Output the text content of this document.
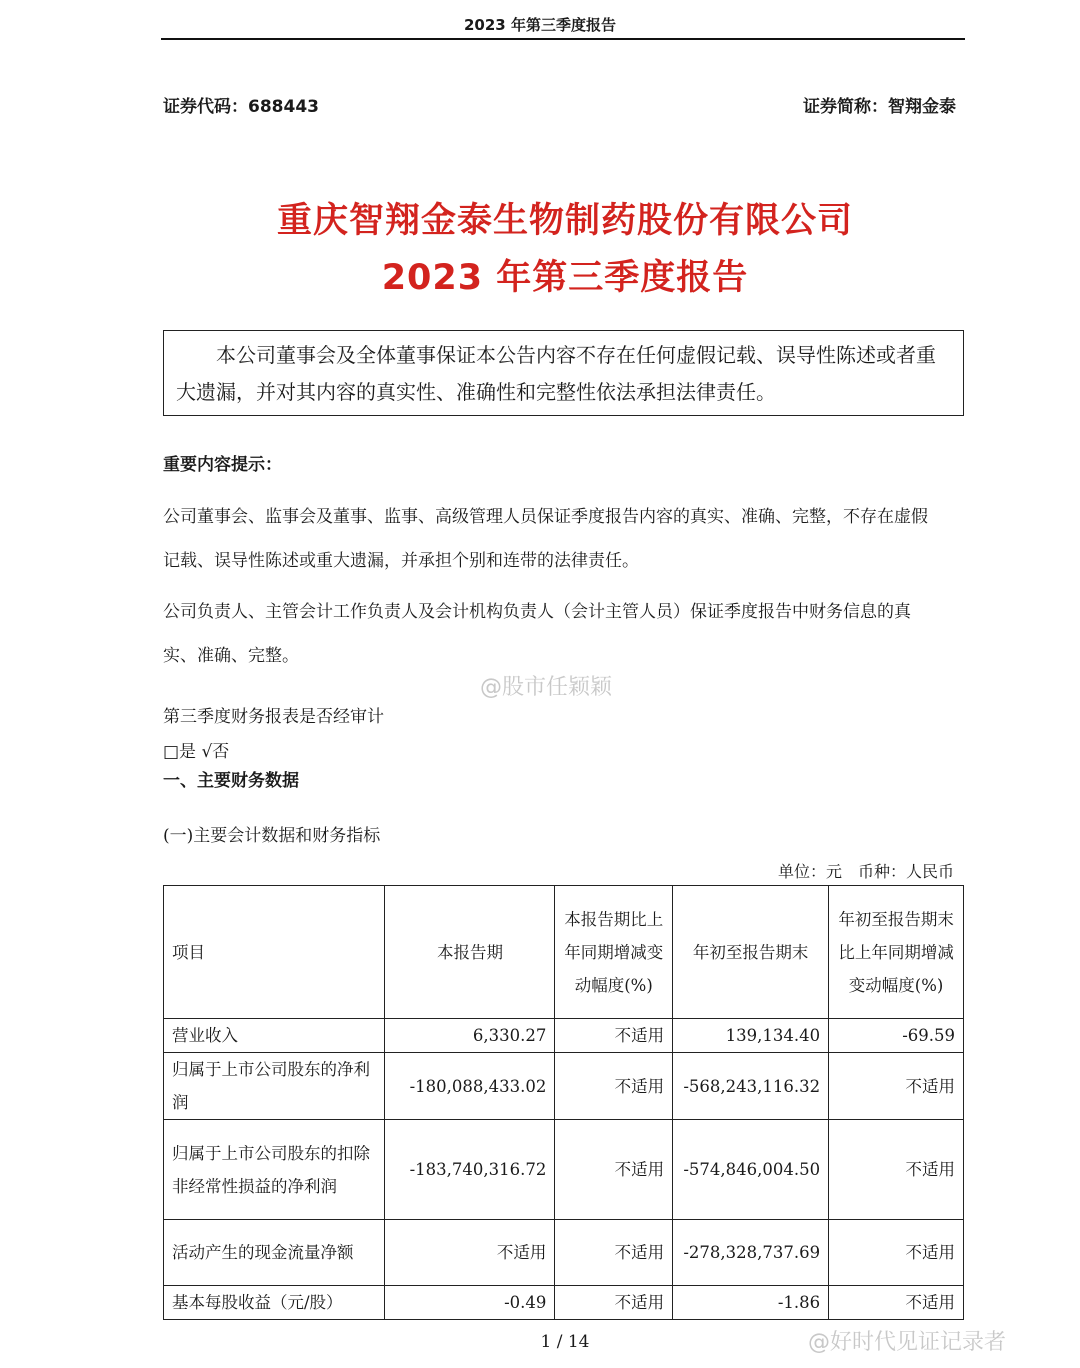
2023 年第三季度报告
证券代码：688443	证券简称：智翔金泰
重庆智翔金泰生物制药股份有限公司
2023 年第三季度报告

本公司董事会及全体董事保证本公告内容不存在任何虚假记载、误导性陈述或者重大遗漏，并对其内容的真实性、准确性和完整性依法承担法律责任。

重要内容提示：
公司董事会、监事会及董事、监事、高级管理人员保证季度报告内容的真实、准确、完整，不存在虚假记载、误导性陈述或重大遗漏，并承担个别和连带的法律责任。
公司负责人、主管会计工作负责人及会计机构负责人（会计主管人员）保证季度报告中财务信息的真实、准确、完整。
@股市任颖颖
第三季度财务报表是否经审计
□是 √否
一、主要财务数据
(一)主要会计数据和财务指标
单位：元　币种：人民币
项目	本报告期	本报告期比上年同期增减变动幅度(%)	年初至报告期末	年初至报告期末比上年同期增减变动幅度(%)
营业收入	6,330.27	不适用	139,134.40	-69.59
归属于上市公司股东的净利润	-180,088,433.02	不适用	-568,243,116.32	不适用
归属于上市公司股东的扣除非经常性损益的净利润	-183,740,316.72	不适用	-574,846,004.50	不适用
活动产生的现金流量净额	不适用	不适用	-278,328,737.69	不适用
基本每股收益（元/股）	-0.49	不适用	-1.86	不适用
1 / 14	@好时代见证记录者
